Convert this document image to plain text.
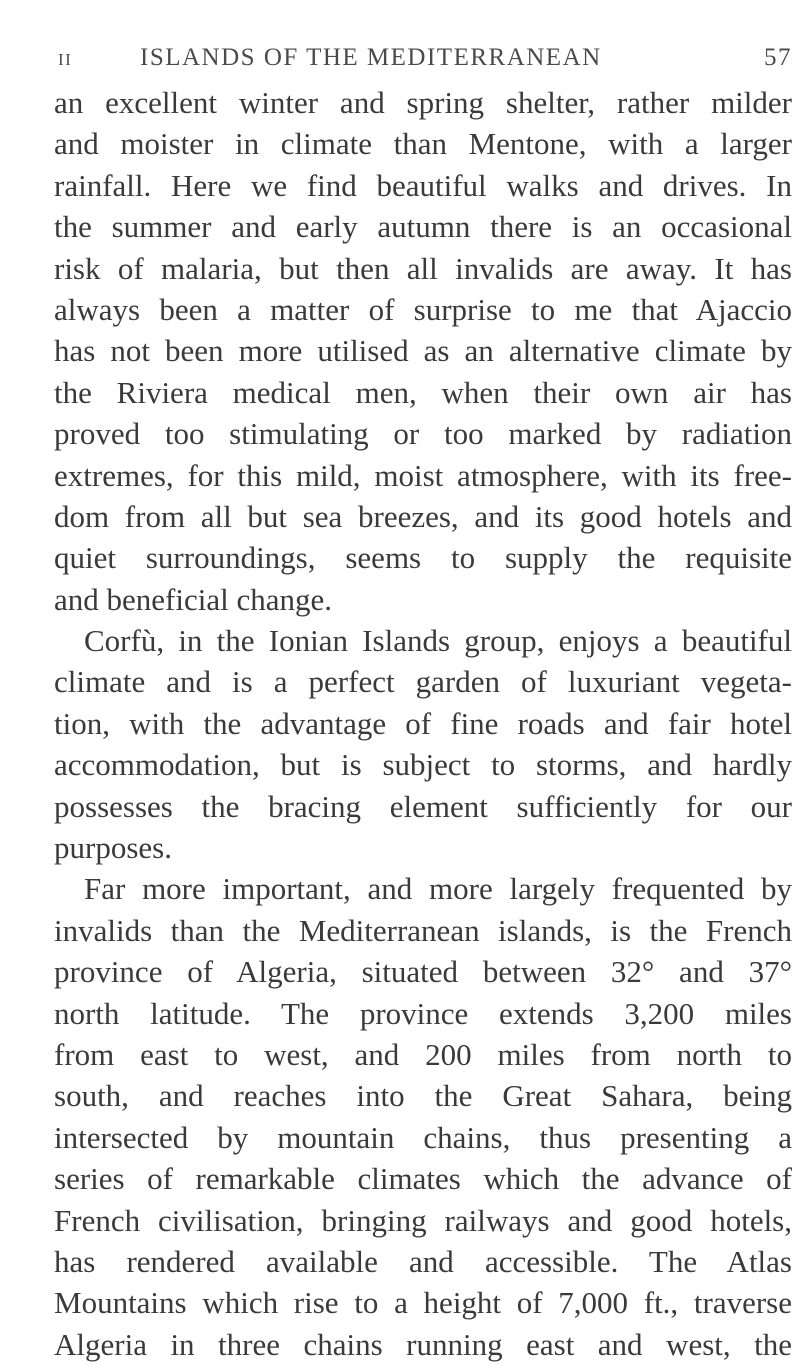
II	ISLANDS OF THE MEDITERRANEAN	57
an excellent winter and spring shelter, rather milder
and moister in climate than Mentone, with a larger
rainfall. Here we find beautiful walks and drives. In
the summer and early autumn there is an occasional
risk of malaria, but then all invalids are away. It has
always been a matter of surprise to me that Ajaccio
has not been more utilised as an alternative climate by
the Riviera medical men, when their own air has
proved too stimulating or too marked by radiation
extremes, for this mild, moist atmosphere, with its free-
dom from all but sea breezes, and its good hotels and
quiet surroundings, seems to supply the requisite
and beneficial change.
Corfù, in the Ionian Islands group, enjoys a beautiful
climate and is a perfect garden of luxuriant vegeta-
tion, with the advantage of fine roads and fair hotel
accommodation, but is subject to storms, and hardly
possesses the bracing element sufficiently for our
purposes.
Far more important, and more largely frequented by
invalids than the Mediterranean islands, is the French
province of Algeria, situated between 32° and 37°
north latitude. The province extends 3,200 miles
from east to west, and 200 miles from north to
south, and reaches into the Great Sahara, being
intersected by mountain chains, thus presenting a
series of remarkable climates which the advance of
French civilisation, bringing railways and good hotels,
has rendered available and accessible. The Atlas
Mountains which rise to a height of 7,000 ft., traverse
Algeria in three chains running east and west, the
